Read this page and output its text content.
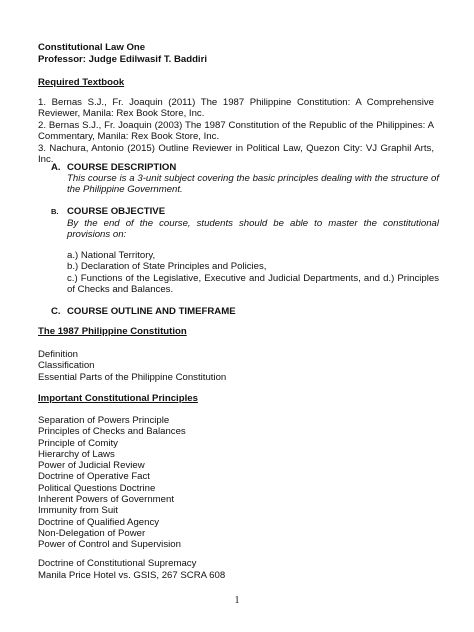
Constitutional Law One
Professor: Judge Edilwasif T. Baddiri
Required Textbook
1. Bernas S.J., Fr. Joaquin (2011) The 1987 Philippine Constitution: A Comprehensive Reviewer, Manila: Rex Book Store, Inc.
2. Bernas S.J., Fr. Joaquin (2003) The 1987 Constitution of the Republic of the Philippines: A Commentary, Manila: Rex Book Store, Inc.
3. Nachura, Antonio (2015) Outline Reviewer in Political Law, Quezon City: VJ Graphil Arts, Inc.
A. COURSE DESCRIPTION
This course is a 3-unit subject covering the basic principles dealing with the structure of the Philippine Government.
B. COURSE OBJECTIVE
By the end of the course, students should be able to master the constitutional provisions on:
a.) National Territory,
b.) Declaration of State Principles and Policies,
c.) Functions of the Legislative, Executive and Judicial Departments, and d.) Principles of Checks and Balances.
C. COURSE OUTLINE AND TIMEFRAME
The 1987 Philippine Constitution
Definition
Classification
Essential Parts of the Philippine Constitution
Important Constitutional Principles
Separation of Powers Principle
Principles of Checks and Balances
Principle of Comity
Hierarchy of Laws
Power of Judicial Review
Doctrine of Operative Fact
Political Questions Doctrine
Inherent Powers of Government
Immunity from Suit
Doctrine of Qualified Agency
Non-Delegation of Power
Power of Control and Supervision
Doctrine of Constitutional Supremacy
Manila Price Hotel vs. GSIS, 267 SCRA 608
1
